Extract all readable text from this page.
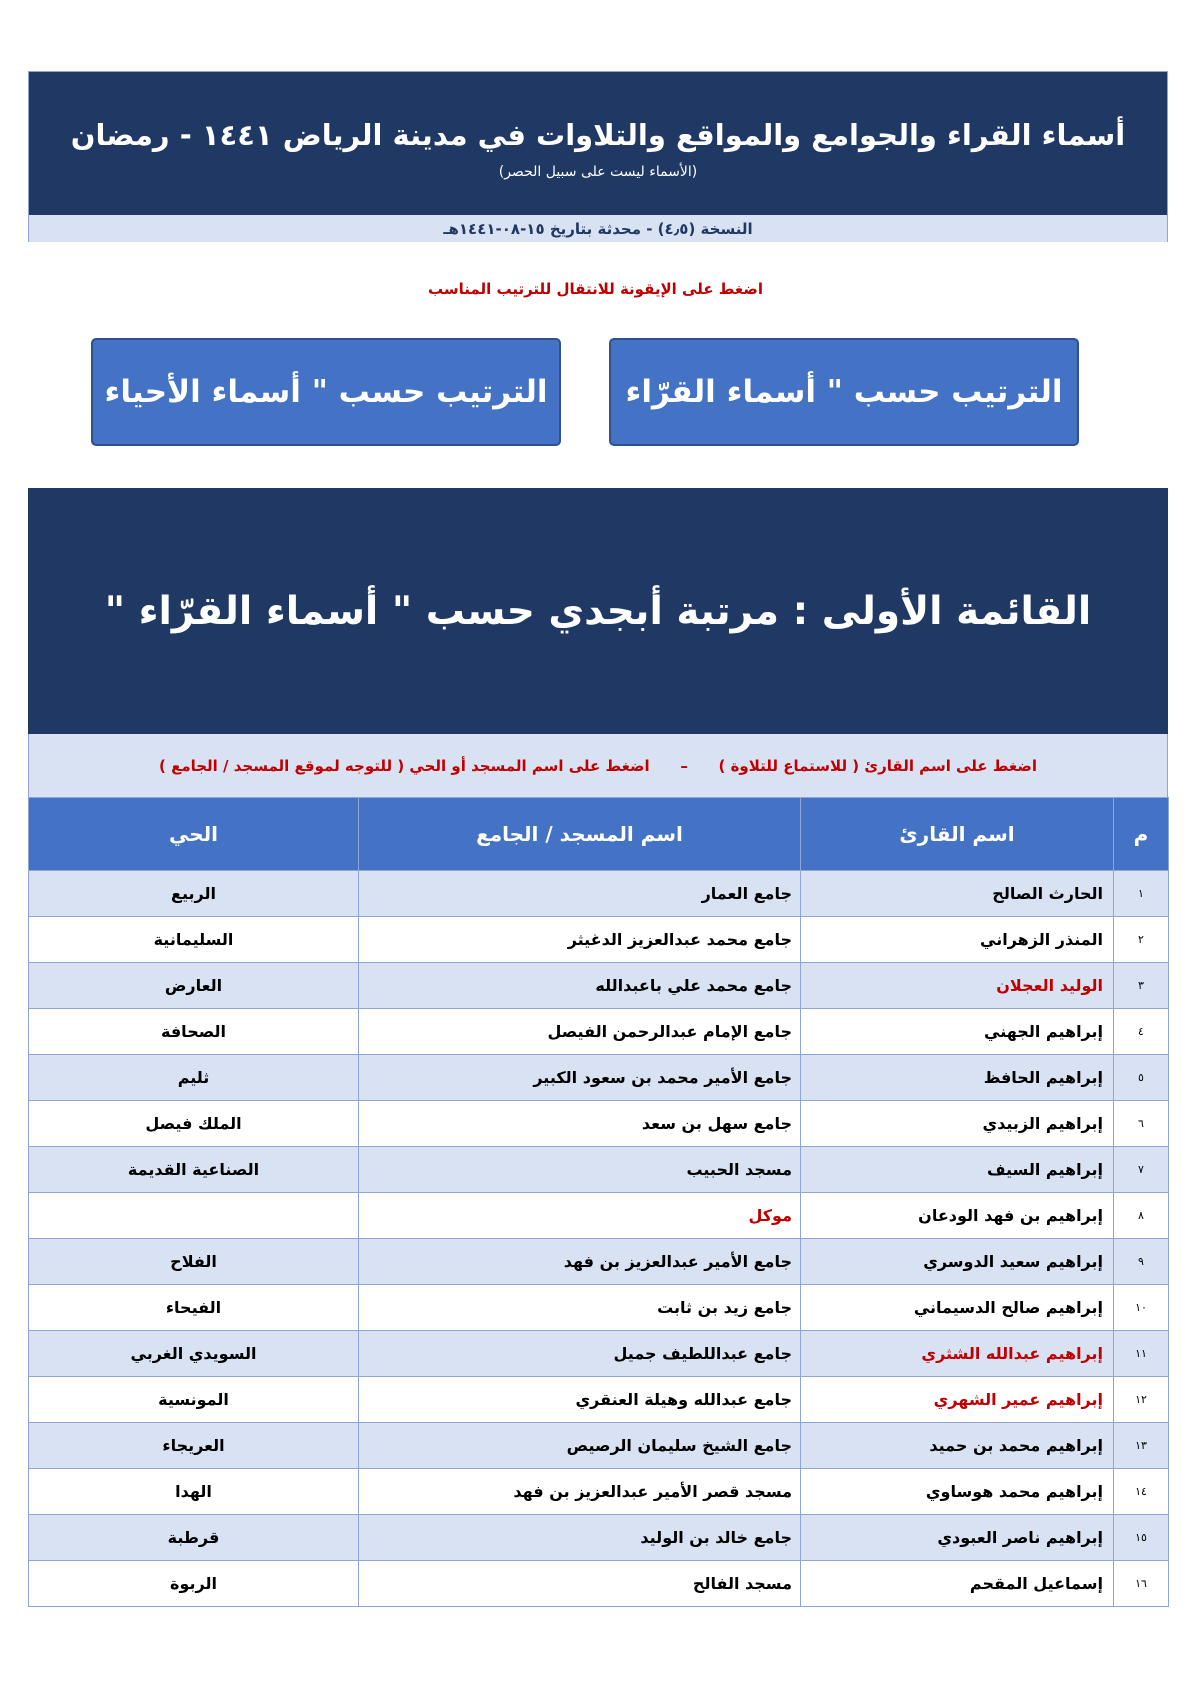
أسماء القراء والجوامع والمواقع والتلاوات في مدينة الرياض ١٤٤١ - رمضان
(الأسماء ليست على سبيل الحصر)
النسخة (٤٫٥) - محدثة بتاريخ ١٥-٠٨-١٤٤١هـ
اضغط على الإيقونة للانتقال للترتيب المناسب
الترتيب حسب " أسماء القرّاء
الترتيب حسب " أسماء الأحياء
القائمة الأولى : مرتبة أبجدي حسب " أسماء القرّاء "
اضغط على اسم القارئ ( للاستماع للتلاوة )
–
اضغط على اسم المسجد أو الحي ( للتوجه لموقع المسجد / الجامع )
م	اسم القارئ	اسم المسجد / الجامع	الحي
١	الحارث الصالح	جامع العمار	الربيع
٢	المنذر الزهراني	جامع محمد عبدالعزيز الدغيثر	السليمانية
٣	الوليد العجلان	جامع محمد علي باعبدالله	العارض
٤	إبراهيم الجهني	جامع الإمام عبدالرحمن الفيصل	الصحافة
٥	إبراهيم الحافظ	جامع الأمير محمد بن سعود الكبير	ثليم
٦	إبراهيم الزبيدي	جامع سهل بن سعد	الملك فيصل
٧	إبراهيم السيف	مسجد الحبيب	الصناعية القديمة
٨	إبراهيم بن فهد الودعان	موكل	
٩	إبراهيم سعيد الدوسري	جامع الأمير عبدالعزيز بن فهد	الفلاح
١٠	إبراهيم صالح الدسيماني	جامع زيد بن ثابت	الفيحاء
١١	إبراهيم عبدالله الشثري	جامع عبداللطيف جميل	السويدي الغربي
١٢	إبراهيم عمير الشهري	جامع عبدالله وهيلة العنقري	المونسية
١٣	إبراهيم محمد بن حميد	جامع الشيخ سليمان الرصيص	العريجاء
١٤	إبراهيم محمد هوساوي	مسجد قصر الأمير عبدالعزيز بن فهد	الهدا
١٥	إبراهيم ناصر العبودي	جامع خالد بن الوليد	قرطبة
١٦	إسماعيل المقحم	مسجد الفالح	الربوة
